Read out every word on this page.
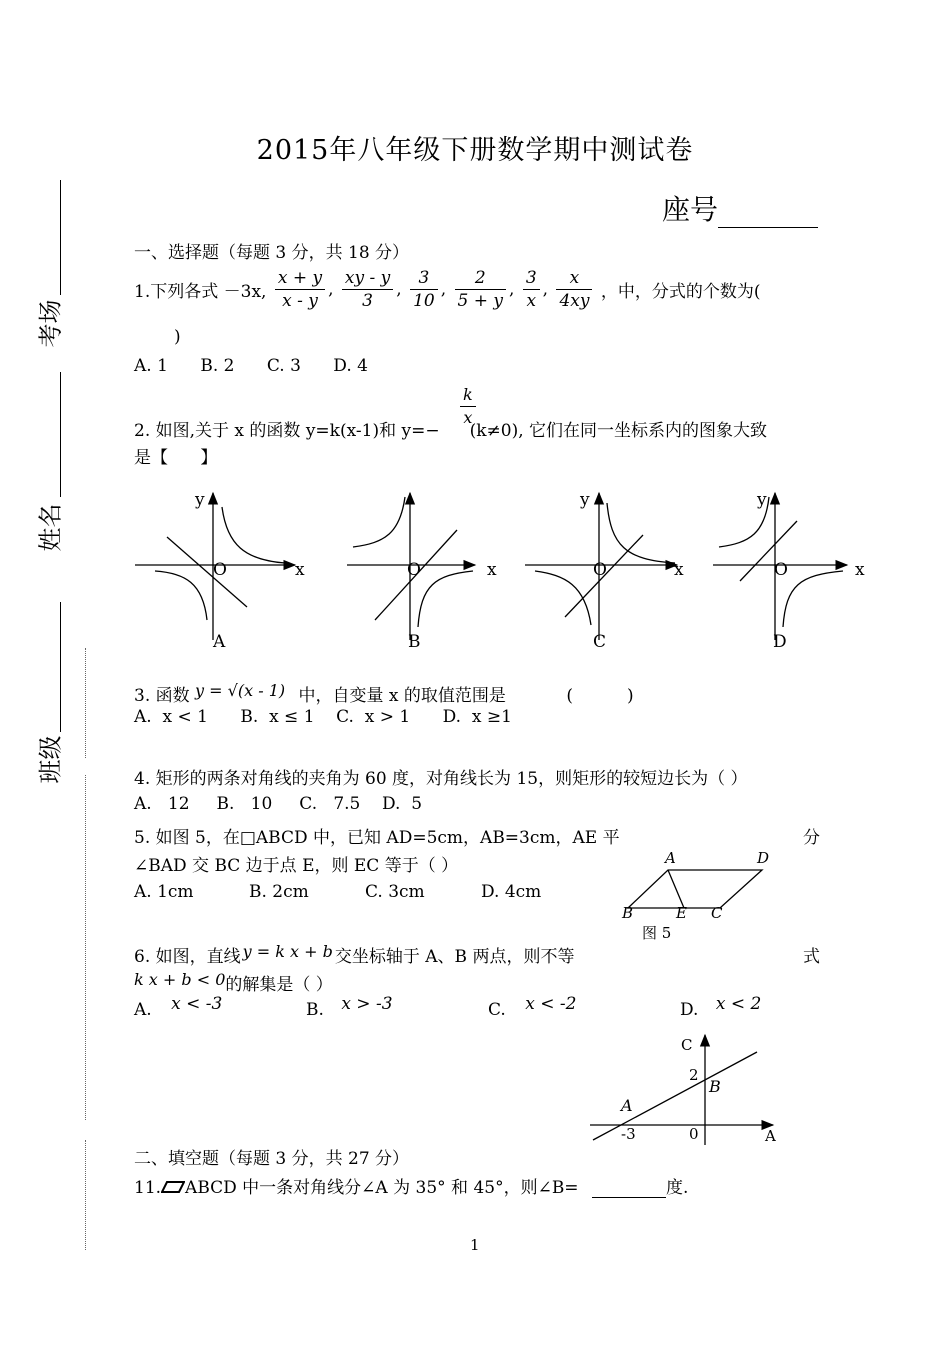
2015年八年级下册数学期中测试卷
座号
考场
姓名
班级
一、选择题（每题 3 分，共 18 分）
1.下列各式 －3x, $\frac{x + y}{x - y}$ , $\frac{xy - y}{3}$ , $\frac{3}{10}$ , $\frac{2}{5 + y}$ , $\frac{3}{x}$ , $\frac{x}{4xy}$ ，中，分式的个数为(
)
A. 1      B. 2      C. 3      D. 4
$\frac{k}{x}$
2. 如图,关于 x 的函数 y=k(x-1)和 y=− (k≠0), 它们在同一坐标系内的图象大致
是【      】
y
O	x
A
O	x
B
y
O	x
C
y
O	x
D
3. 函数 y = √(x - 1) 中，自变量 x 的取值范围是	(          )
A.  x < 1      B.  x ≤ 1    C.  x > 1      D.  x ≥1
4. 矩形的两条对角线的夹角为 60 度，对角线长为 15，则矩形的较短边长为（ ）
A.   12     B.   10     C.   7.5    D.  5
5. 如图 5，在□ABCD 中，已知 AD=5cm，AB=3cm，AE 平	分
∠BAD 交 BC 边于点 E，则 EC 等于（ ）
A. 1cm	B. 2cm	C. 3cm	D. 4cm
A	D
B	E C
图 5
6. 如图，直线 y = k x + b 交坐标轴于 A、B 两点，则不等	式
k x + b < 0的解集是（ ）
A. x < -3	B. x > -3	C. x < -2	D. x < 2
C
2
B
A
-3	0	A
二、填空题（每题 3 分，共 27 分）
11. ABCD 中一条对角线分∠A 为 35° 和 45°，则∠B=	度.
1
